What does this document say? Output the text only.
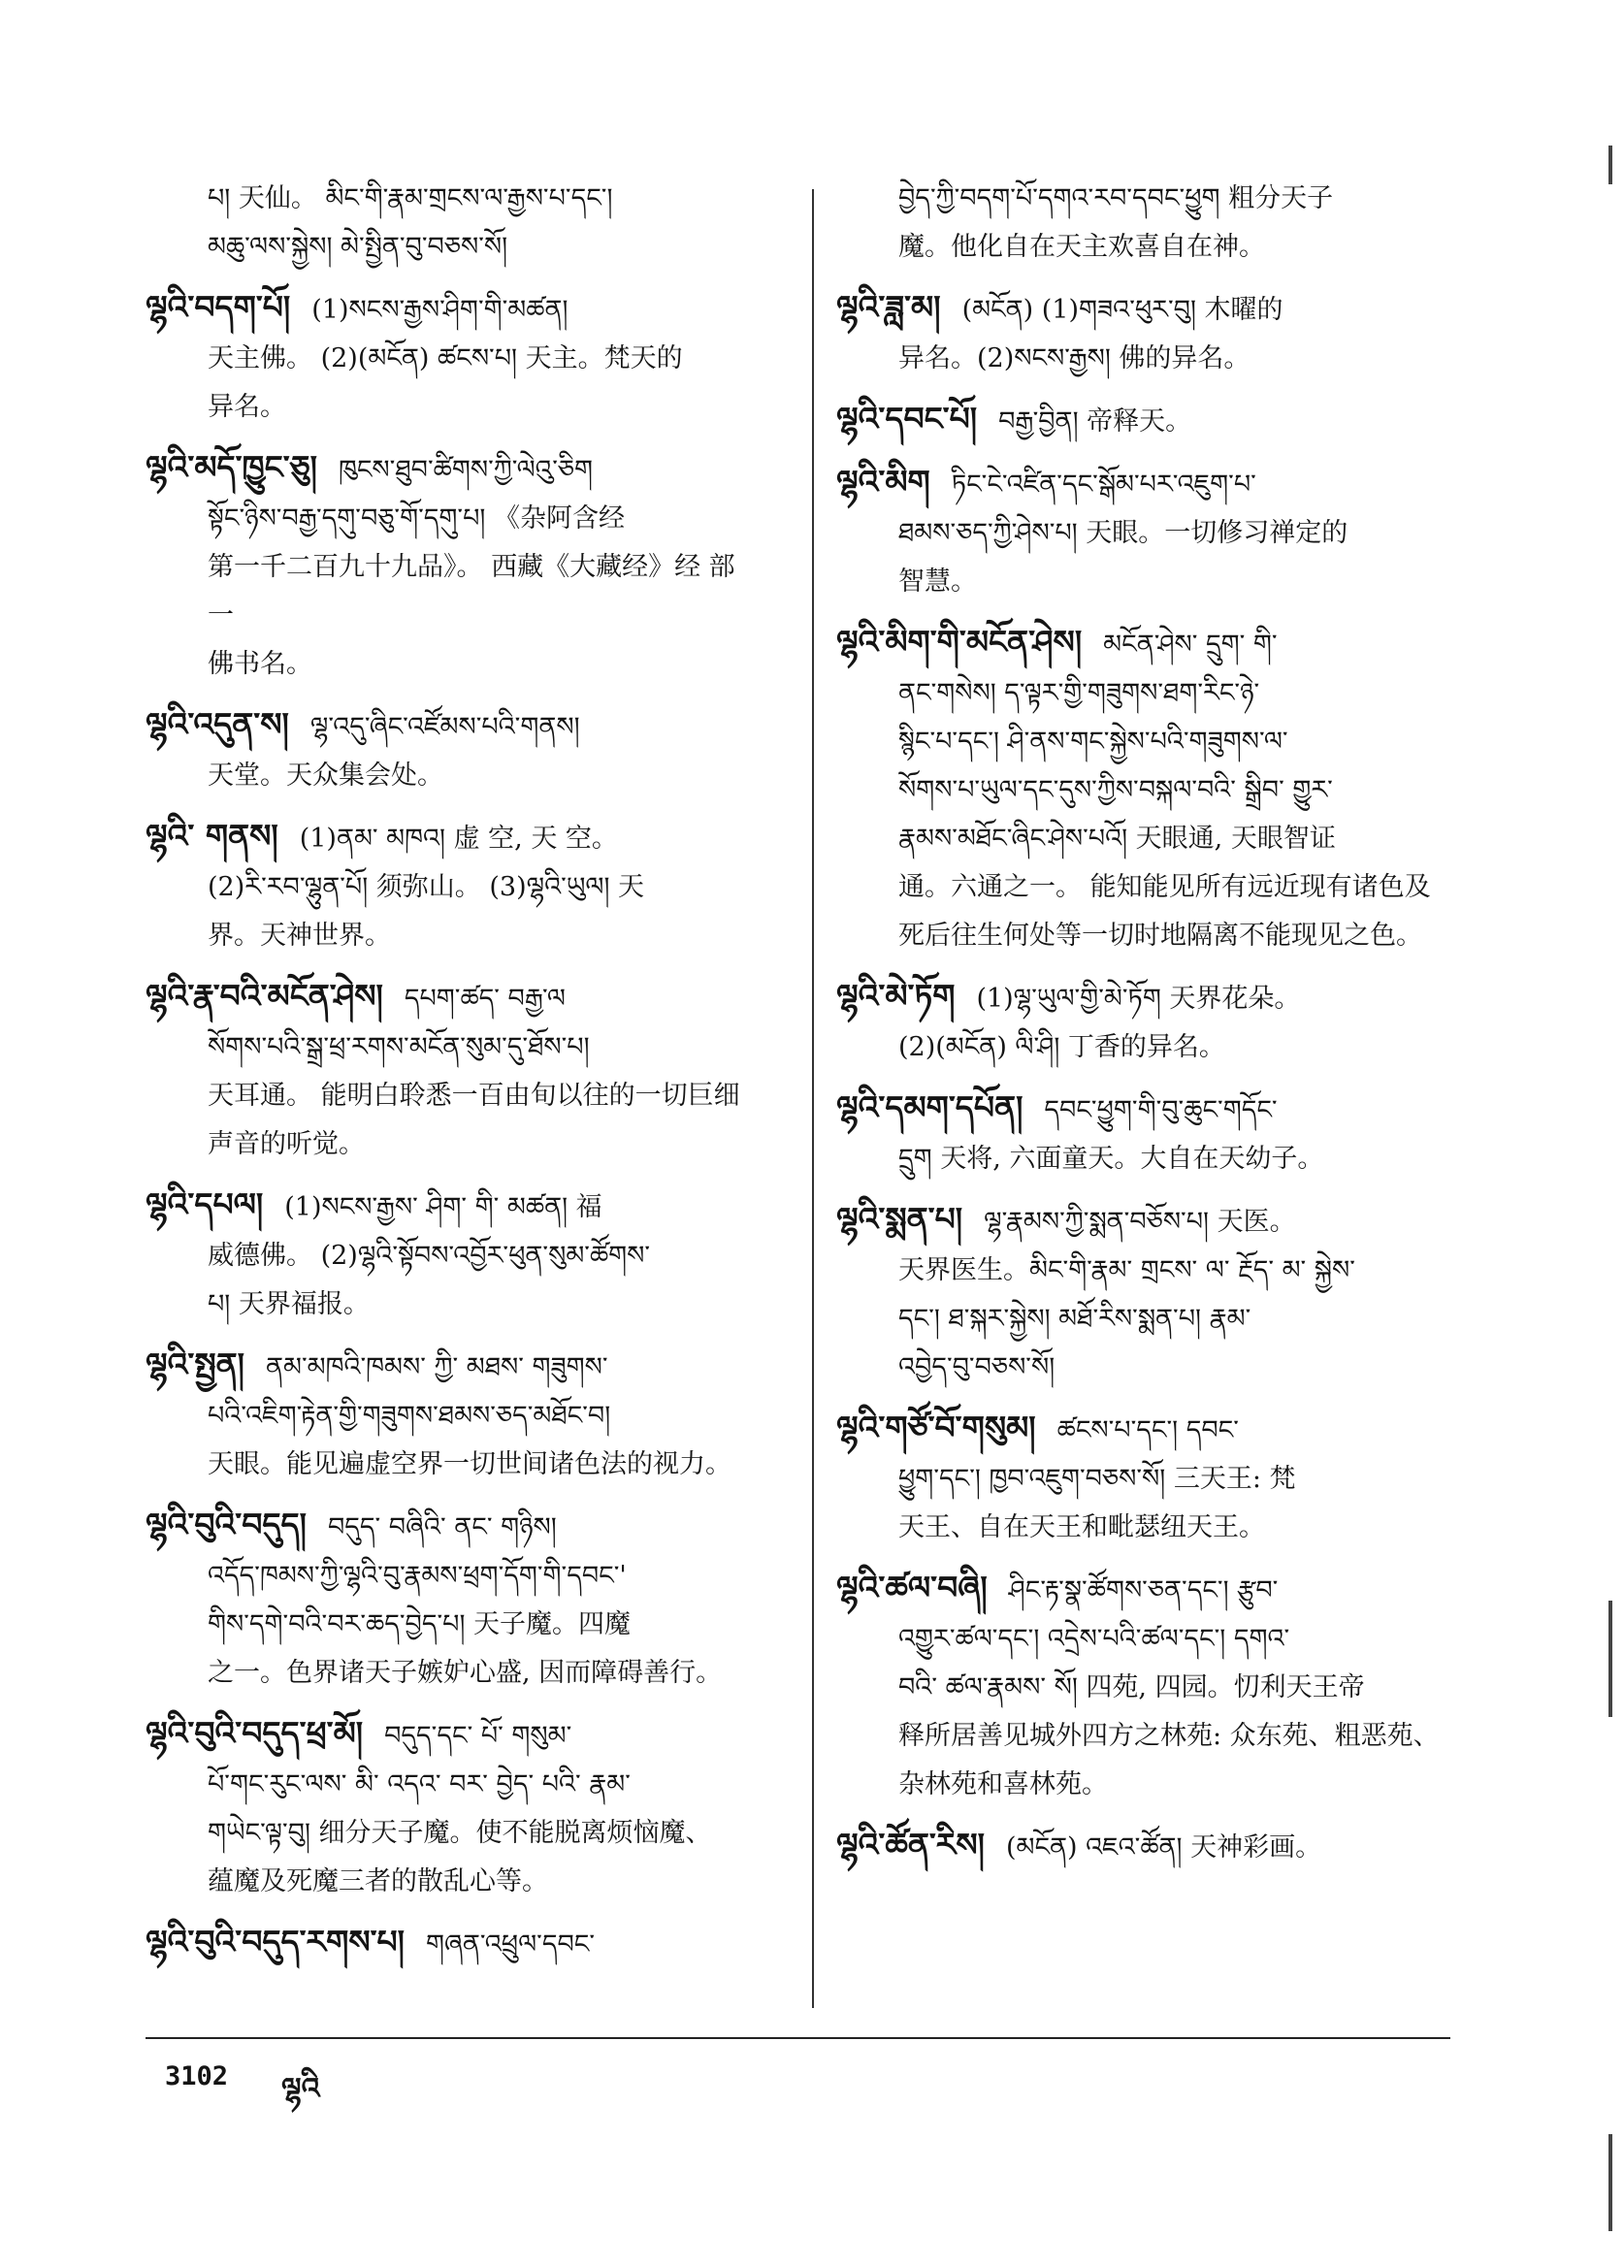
པ། 天仙。 མིང་གི་རྣམ་གྲངས་ལ་རྒྱས་པ་དང་།
མཆུ་ལས་སྐྱེས། མེ་སྤྱིན་བུ་བཅས་སོ།
ལྷའི་བདག་པོ། (1)སངས་རྒྱས་ཤིག་གི་མཚན།
天主佛。 (2)(མངོན) ཚངས་པ། 天主。梵天的
异名。
ལྷའི་མདོ་ཁྱུང་ཅུ། ཁུངས་ཐུབ་ཚིགས་ཀྱི་ལེའུ་ཅིག
སྟོང་ཉིས་བརྒྱ་དགུ་བཅུ་གོ་དགུ་པ། 《杂阿含经
第一千二百九十九品》。 西藏《大藏经》经 部 一
佛书名。
ལྷའི་འདུན་ས། ལྷ་འདུ་ཞིང་འཛོམས་པའི་གནས།
天堂。天众集会处。
ལྷའི་ གནས། (1)ནམ་ མཁའ། 虚 空, 天 空。
(2)རི་རབ་ལྷུན་པོ། 须弥山。 (3)ལྷའི་ཡུལ། 天
界。天神世界。
ལྷའི་རྣ་བའི་མངོན་ཤེས། དཔག་ཚད་ བརྒྱ་ལ
སོགས་པའི་སྒྲ་ཕྲ་རགས་མངོན་སུམ་དུ་ཐོས་པ།
天耳通。 能明白聆悉一百由旬以往的一切巨细
声音的听觉。
ལྷའི་དཔལ། (1)སངས་རྒྱས་ ཤིག་ གི་ མཚན། 福
威德佛。 (2)ལྷའི་སྟོབས་འབྱོར་ཕུན་སུམ་ཚོགས་
པ། 天界福报。
ལྷའི་སྤྱན། ནམ་མཁའི་ཁམས་ ཀྱི་ མཐས་ གཟུགས་
པའི་འཇིག་རྟེན་གྱི་གཟུགས་ཐམས་ཅད་མཐོང་བ།
天眼。能见遍虚空界一切世间诸色法的视力。
ལྷའི་བུའི་བདུད། བདུད་ བཞིའི་ ནང་ གཉིས།
འདོད་ཁམས་ཀྱི་ལྷའི་བུ་རྣམས་ཕྲག་དོག་གི་དབང་'
གིས་དགེ་བའི་བར་ཆད་བྱེད་པ། 天子魔。四魔
之一。色界诸天子嫉妒心盛, 因而障碍善行。
ལྷའི་བུའི་བདུད་ཕྲ་མོ། བདུད་དང་ པོ་ གསུམ་
པོ་གང་རུང་ལས་ མི་ འདའ་ བར་ བྱེད་ པའི་ རྣམ་
གཡེང་ལྟ་བུ། 细分天子魔。使不能脱离烦恼魔、
蕴魔及死魔三者的散乱心等。
ལྷའི་བུའི་བདུད་རགས་པ། གཞན་འཕྲུལ་དབང་
བྱེད་ཀྱི་བདག་པོ་དགའ་རབ་དབང་ཕྱུག 粗分天子
魔。他化自在天主欢喜自在神。
ལྷའི་ཟླ་མ། (མངོན) (1)གཟའ་ཕུར་བུ། 木曜的
异名。(2)སངས་རྒྱས། 佛的异名。
ལྷའི་དབང་པོ། བརྒྱ་བྱིན། 帝释天。
ལྷའི་མིག ཏིང་ངེ་འཛིན་དང་སྒོམ་པར་འཇུག་པ་
ཐམས་ཅད་ཀྱི་ཤེས་པ། 天眼。一切修习禅定的
智慧。
ལྷའི་མིག་གི་མངོན་ཤེས། མངོན་ཤེས་ དྲུག་ གི་
ནང་གསེས། ད་ལྟར་གྱི་གཟུགས་ཐག་རིང་ཉེ་
སྙིང་པ་དང་། ཤི་ནས་གང་སྐྱེས་པའི་གཟུགས་ལ་
སོགས་པ་ཡུལ་དང་དུས་ཀྱིས་བསྐལ་བའི་ སྒྲིབ་ གྱུར་
རྣམས་མཐོང་ཞིང་ཤེས་པའོ། 天眼通, 天眼智证
通。六通之一。 能知能见所有远近现有诸色及
死后往生何处等一切时地隔离不能现见之色。
ལྷའི་མེ་ཏོག (1)ལྷ་ཡུལ་གྱི་མེ་ཏོག 天界花朵。
(2)(མངོན) ལི་ཤི། 丁香的异名。
ལྷའི་དམག་དཔོན། དབང་ཕྱུག་གི་བུ་ཆུང་གདོང་
དྲུག 天将, 六面童天。大自在天幼子。
ལྷའི་སྨན་པ། ལྷ་རྣམས་ཀྱི་སྨན་བཅོས་པ། 天医。
天界医生。མིང་གི་རྣམ་ གྲངས་ ལ་ རྔོད་ མ་ སྐྱེས་
དང་། ཐ་སྐར་སྐྱེས། མཐོ་རིས་སྨན་པ། རྣམ་
འབྱེད་བུ་བཅས་སོ།
ལྷའི་གཙོ་བོ་གསུམ། ཚངས་པ་དང་། དབང་
ཕྱུག་དང་། ཁྱབ་འཇུག་བཅས་སོ། 三天王: 梵
天王、自在天王和毗瑟纽天王。
ལྷའི་ཚལ་བཞི། ཤིང་རྟ་སྣ་ཚོགས་ཅན་དང་། རྩུབ་
འགྱུར་ཚལ་དང་། འདྲེས་པའི་ཚལ་དང་། དགའ་
བའི་ ཚལ་རྣམས་ སོ། 四苑, 四园。忉利天王帝
释所居善见城外四方之林苑: 众东苑、粗恶苑、
杂林苑和喜林苑。
ལྷའི་ཚོན་རིས། (མངོན) འཇའ་ཚོན། 天神彩画。
3102 ལྷའི
